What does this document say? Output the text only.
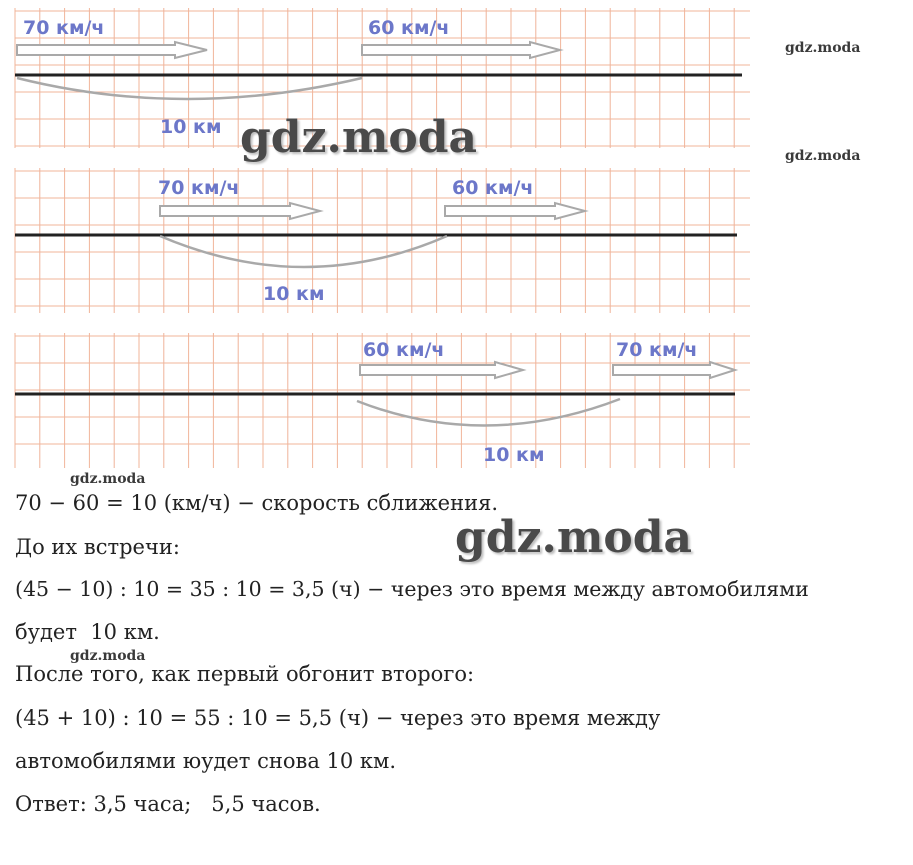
70 км/ч	60 км/ч
10 км
70 км/ч	60 км/ч
10 км
60 км/ч	70 км/ч
10 км
gdz.moda
gdz.moda
gdz.moda
gdz.moda
gdz.moda
gdz.moda
70 − 60 = 10 (км/ч) − скорость сближения.
До их встречи:
(45 − 10) : 10 = 35 : 10 = 3,5 (ч) − через это время между автомобилями
будет  10 км.
После того, как первый обгонит второго:
(45 + 10) : 10 = 55 : 10 = 5,5 (ч) − через это время между
автомобилями юудет снова 10 км.
Ответ: 3,5 часа;   5,5 часов.
